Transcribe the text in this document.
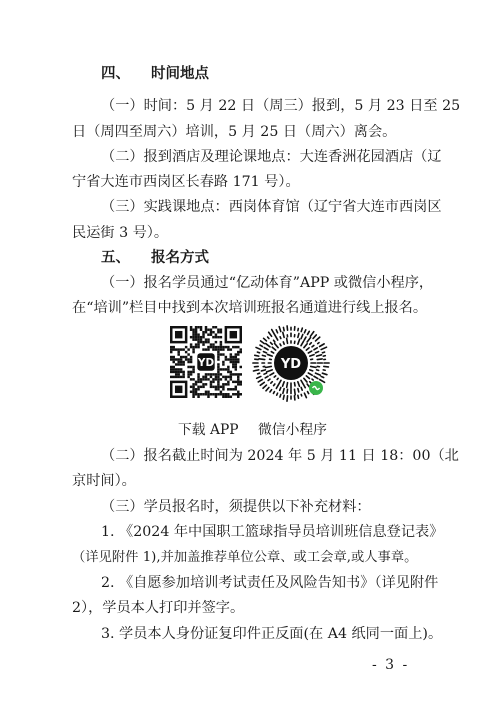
四、 时间地点
（一）时间：5 月 22 日（周三）报到，5 月 23 日至 25
日（周四至周六）培训，5 月 25 日（周六）离会。
（二）报到酒店及理论课地点：大连香洲花园酒店（辽
宁省大连市西岗区长春路 171 号）。
（三）实践课地点：西岗体育馆（辽宁省大连市西岗区
民运街 3 号）。
五、 报名方式
（一）报名学员通过“亿动体育”APP 或微信小程序，
在“培训”栏目中找到本次培训班报名通道进行线上报名。
YD	YD
下载 APP 微信小程序
（二）报名截止时间为 2024 年 5 月 11 日 18：00（北
京时间）。
（三）学员报名时，须提供以下补充材料：
1. 《2024 年中国职工篮球指导员培训班信息登记表》
（详见附件 1),并加盖推荐单位公章、或工会章,或人事章。
2. 《自愿参加培训考试责任及风险告知书》（详见附件
2），学员本人打印并签字。
3. 学员本人身份证复印件正反面(在 A4 纸同一面上)。
- 3 -
